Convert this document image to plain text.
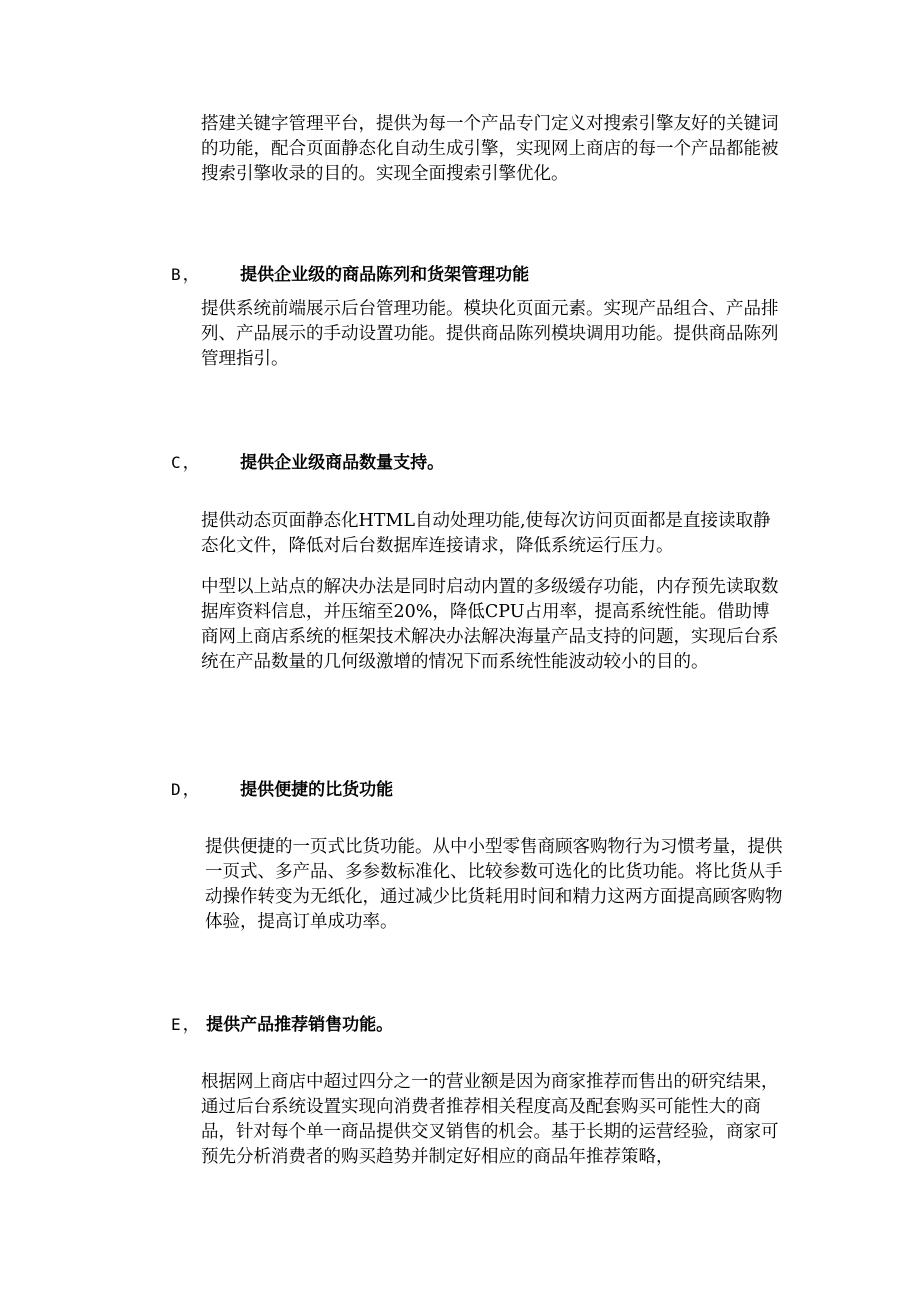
搭建关键字管理平台，提供为每一个产品专门定义对搜索引擎友好的关键词的功能，配合页面静态化自动生成引擎，实现网上商店的每一个产品都能被搜索引擎收录的目的。实现全面搜索引擎优化。

B ， 提供企业级的商品陈列和货架管理功能

提供系统前端展示后台管理功能。模块化页面元素。实现产品组合、产品排列、产品展示的手动设置功能。提供商品陈列模块调用功能。提供商品陈列管理指引。

C ， 提供企业级商品数量支持。

提供动态页面静态化HTML自动处理功能,使每次访问页面都是直接读取静态化文件，降低对后台数据库连接请求，降低系统运行压力。

中型以上站点的解决办法是同时启动内置的多级缓存功能，内存预先读取数据库资料信息，并压缩至20%，降低CPU占用率，提高系统性能。借助博商网上商店系统的框架技术解决办法解决海量产品支持的问题，实现后台系统在产品数量的几何级激增的情况下而系统性能波动较小的目的。

D ， 提供便捷的比货功能

提供便捷的一页式比货功能。从中小型零售商顾客购物行为习惯考量，提供一页式、多产品、多参数标准化、比较参数可选化的比货功能。将比货从手动操作转变为无纸化，通过减少比货耗用时间和精力这两方面提高顾客购物体验，提高订单成功率。

E ， 提供产品推荐销售功能。

根据网上商店中超过四分之一的营业额是因为商家推荐而售出的研究结果，通过后台系统设置实现向消费者推荐相关程度高及配套购买可能性大的商品，针对每个单一商品提供交叉销售的机会。基于长期的运营经验，商家可预先分析消费者的购买趋势并制定好相应的商品年推荐策略，
